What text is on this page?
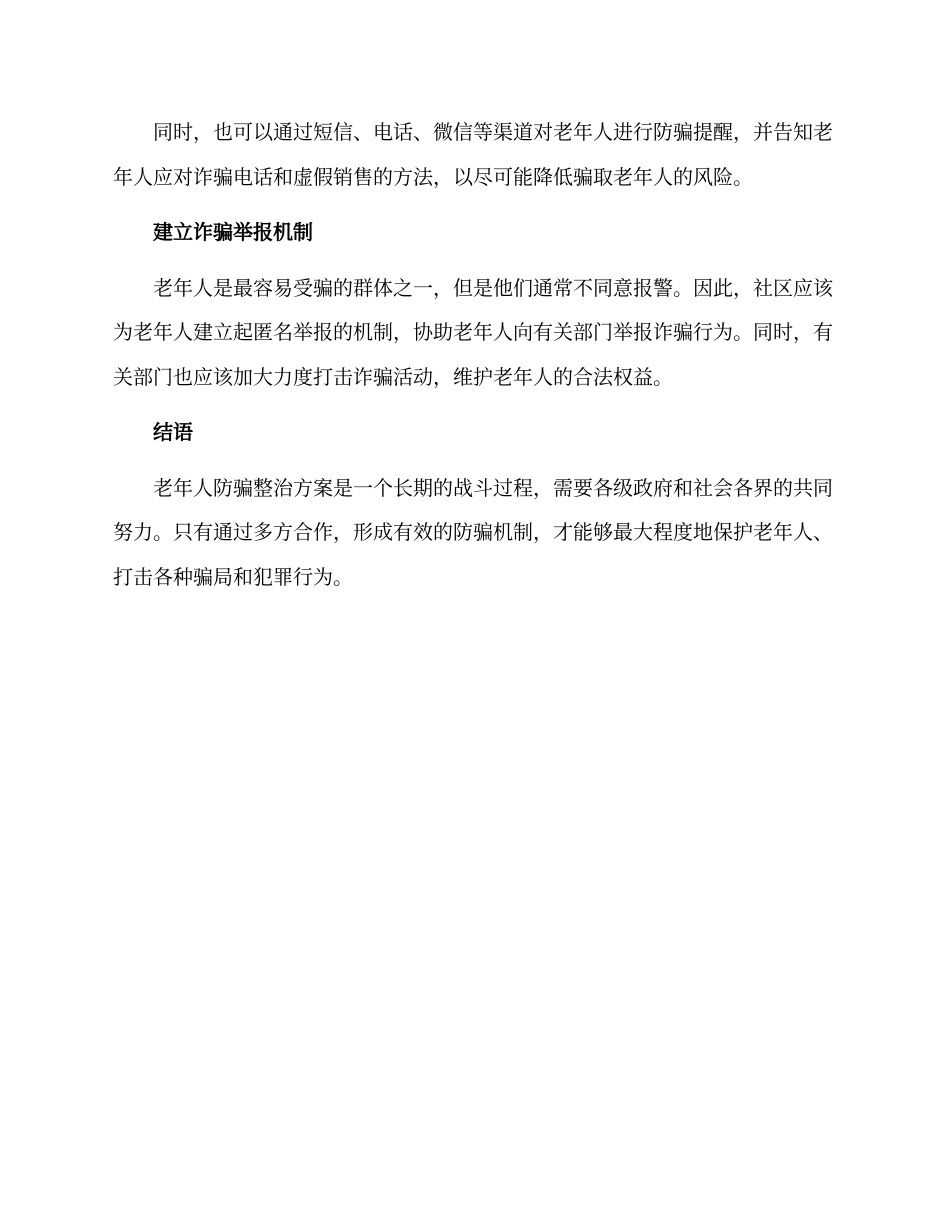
同时，也可以通过短信、电话、微信等渠道对老年人进行防骗提醒，并告知老年人应对诈骗电话和虚假销售的方法，以尽可能降低骗取老年人的风险。

建立诈骗举报机制

老年人是最容易受骗的群体之一，但是他们通常不同意报警。因此，社区应该为老年人建立起匿名举报的机制，协助老年人向有关部门举报诈骗行为。同时，有关部门也应该加大力度打击诈骗活动，维护老年人的合法权益。

结语

老年人防骗整治方案是一个长期的战斗过程，需要各级政府和社会各界的共同努力。只有通过多方合作，形成有效的防骗机制，才能够最大程度地保护老年人、打击各种骗局和犯罪行为。
